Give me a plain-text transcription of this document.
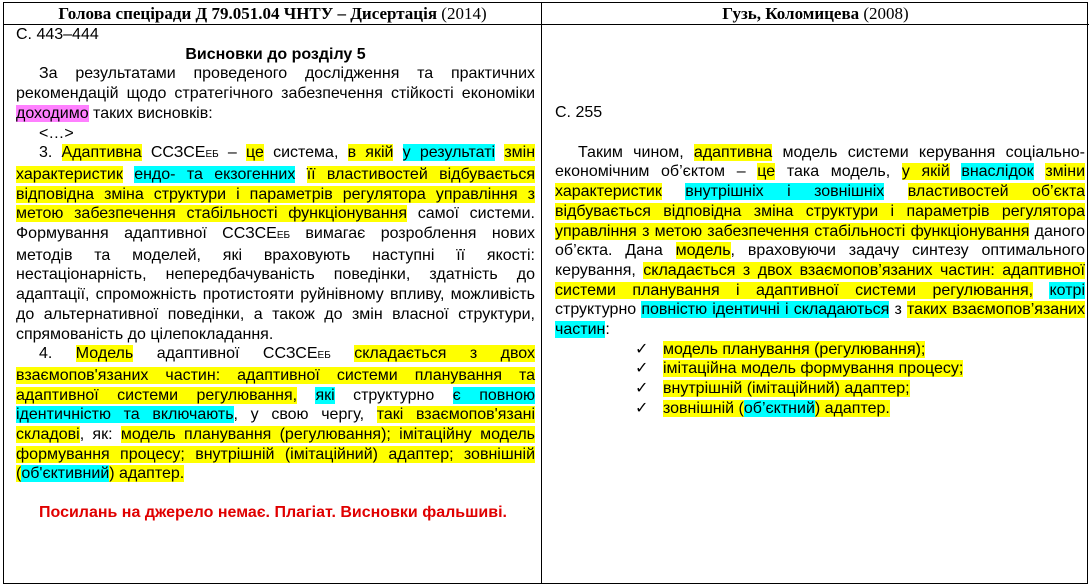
Голова спеціради Д 79.051.04 ЧНТУ – Дисертація (2014)	Гузь, Коломицева (2008)

С. 443–444

Висновки до розділу 5

За результатами проведеного дослідження та практичних рекомендацій щодо стратегічного забезпечення стійкості економіки доходимо таких висновків:

<…>

3. Адаптивна ССЗСЕЕБ – це система, в якій у результаті змін характеристик ендо- та екзогенних її властивостей відбувається відповідна зміна структури і параметрів регулятора управління з метою забезпечення стабільності функціонування самої системи. Формування адаптивної ССЗСЕЕБ вимагає розроблення нових методів та моделей, які враховують наступні її якості: нестаціонарність, непередбачуваність поведінки, здатність до адаптації, спроможність протистояти руйнівному впливу, можливість до альтернативної поведінки, а також до змін власної структури, спрямованість до цілепокладання.

4. Модель адаптивної ССЗСЕЕБ складається з двох взаємопов'язаних частин: адаптивної системи планування та адаптивної системи регулювання, які структурно є повною ідентичністю та включають, у свою чергу, такі взаємопов'язані складові, як: модель планування (регулювання); імітаційну модель формування процесу; внутрішній (імітаційний) адаптер; зовнішній (об'єктивний) адаптер.

Посилань на джерело немає. Плагіат. Висновки фальшиві.

С. 255

Таким чином, адаптивна модель системи керування соціально-економічним об’єктом – це така модель, у якій внаслідок зміни характеристик внутрішніх і зовнішніх властивостей об’єкта відбувається відповідна зміна структури і параметрів регулятора управління з метою забезпечення стабільності функціонування даного об’єкта. Дана модель, враховуючи задачу синтезу оптимального керування, складається з двох взаємопов’язаних частин: адаптивної системи планування і адаптивної системи регулювання, котрі структурно повністю ідентичні і складаються з таких взаємопов’язаних частин:

✓ модель планування (регулювання);
✓ імітаційна модель формування процесу;
✓ внутрішній (імітаційний) адаптер;
✓ зовнішній (об’єктний) адаптер.
